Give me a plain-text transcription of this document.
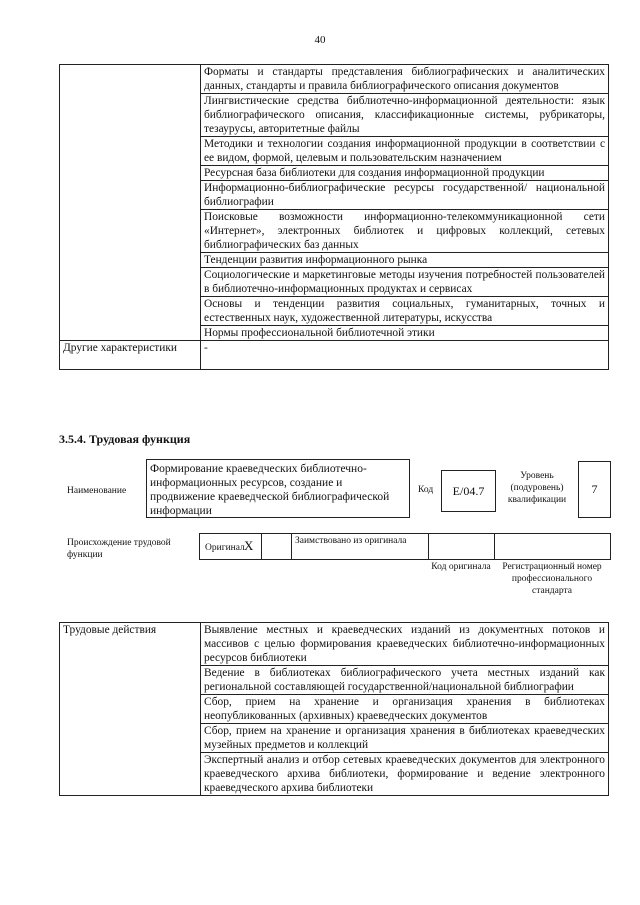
40
	Форматы и стандарты представления библиографических и аналитических данных, стандарты и правила библиографического описания документов
	Лингвистические средства библиотечно-информационной деятельности: язык библиографического описания, классификационные системы, рубрикаторы, тезаурусы, авторитетные файлы
	Методики и технологии создания информационной продукции в соответствии с ее видом, формой, целевым и пользовательским назначением
	Ресурсная база библиотеки для создания информационной продукции
	Информационно-библиографические ресурсы государственной/ национальной библиографии
	Поисковые возможности информационно-телекоммуникационной сети «Интернет», электронных библиотек и цифровых коллекций, сетевых библиографических баз данных
	Тенденции развития информационного рынка
	Социологические и маркетинговые методы изучения потребностей пользователей в библиотечно-информационных продуктах и сервисах
	Основы и тенденции развития социальных, гуманитарных, точных и естественных наук, художественной литературы, искусства
	Нормы профессиональной библиотечной этики
Другие характеристики	-
3.5.4. Трудовая функция
Наименование
Формирование краеведческих библиотечно-информационных ресурсов, создание и продвижение краеведческой библиографической информации
Код E/04.7
Уровень (подуровень) квалификации
7
Происхождение трудовой функции
Оригинал X	Заимствовано из оригинала
Код оригинала	Регистрационный номер профессионального стандарта
Трудовые действия	Выявление местных и краеведческих изданий из документных потоков и массивов с целью формирования краеведческих библиотечно-информационных ресурсов библиотеки
Ведение в библиотеках библиографического учета местных изданий как региональной составляющей государственной/национальной библиографии
Сбор, прием на хранение и организация хранения в библиотеках неопубликованных (архивных) краеведческих документов
Сбор, прием на хранение и организация хранения в библиотеках краеведческих музейных предметов и коллекций
Экспертный анализ и отбор сетевых краеведческих документов для электронного краеведческого архива библиотеки, формирование и ведение электронного краеведческого архива библиотеки
